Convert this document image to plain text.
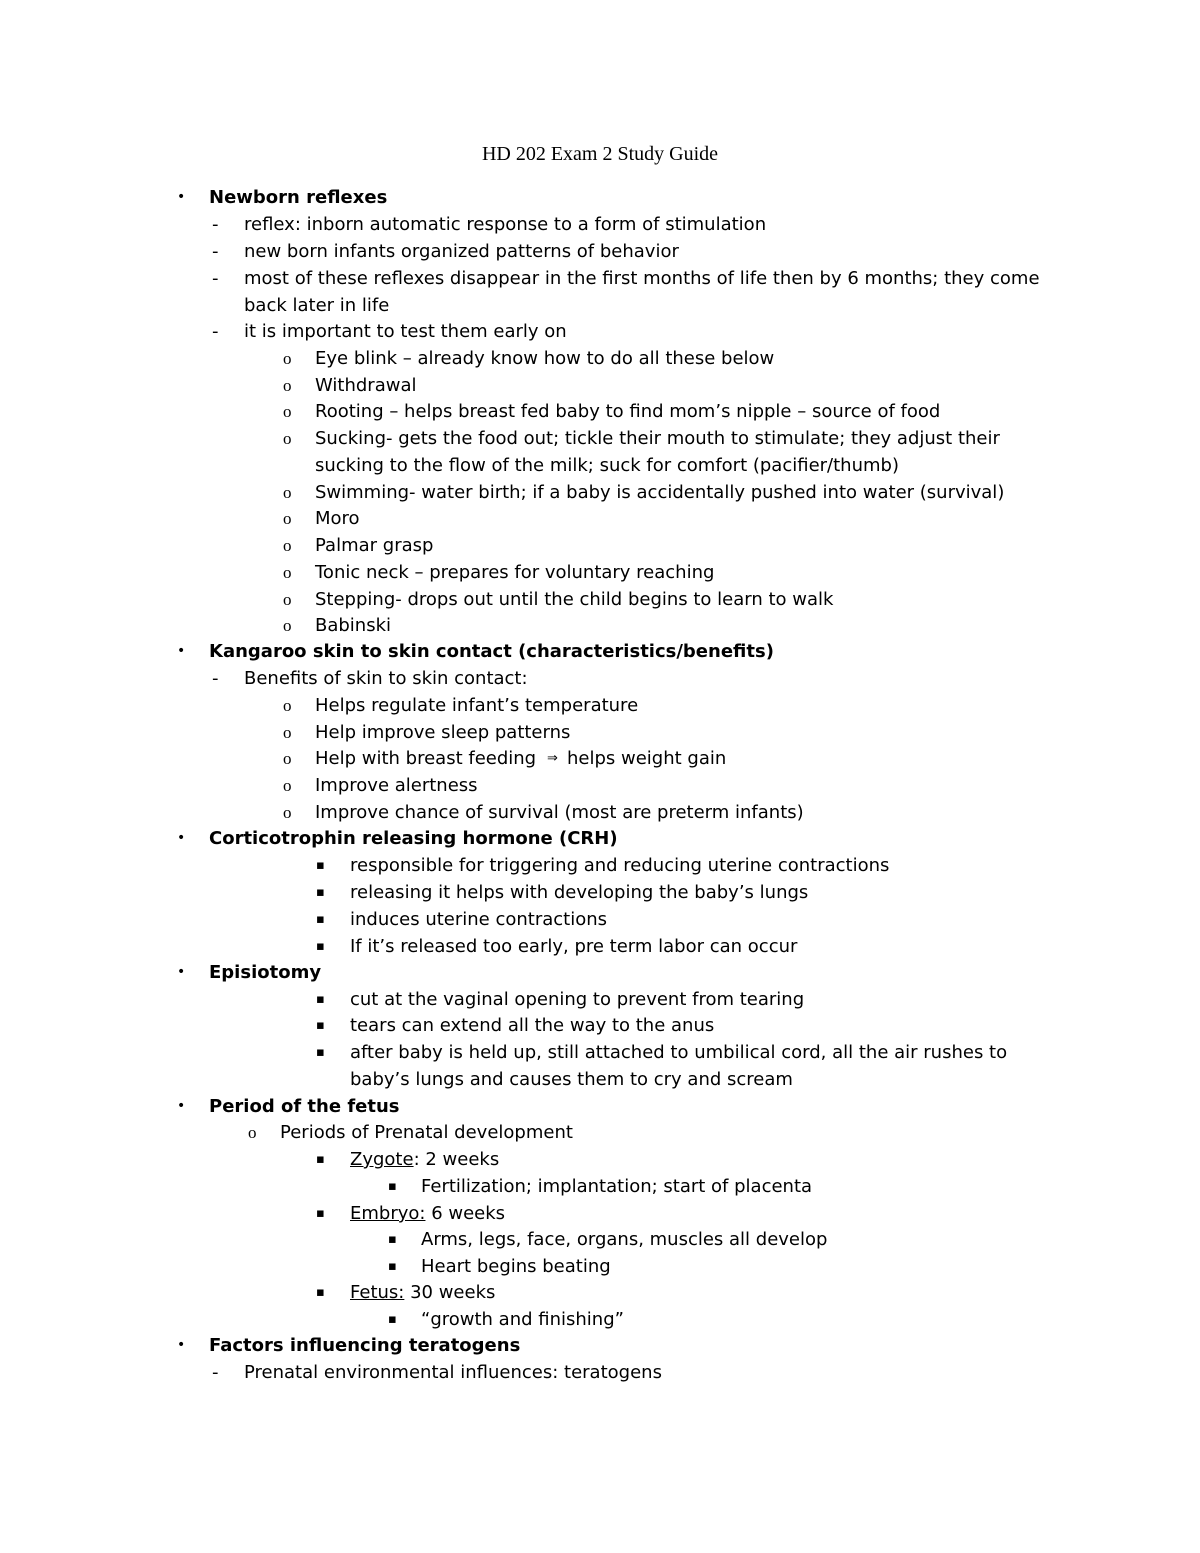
HD 202 Exam 2 Study Guide
• Newborn reflexes
- reflex: inborn automatic response to a form of stimulation
- new born infants organized patterns of behavior
- most of these reflexes disappear in the first months of life then by 6 months; they come
back later in life
- it is important to test them early on
o Eye blink – already know how to do all these below
o Withdrawal
o Rooting – helps breast fed baby to find mom’s nipple – source of food
o Sucking- gets the food out; tickle their mouth to stimulate; they adjust their
sucking to the flow of the milk; suck for comfort (pacifier/thumb)
o Swimming- water birth; if a baby is accidentally pushed into water (survival)
o Moro
o Palmar grasp
o Tonic neck – prepares for voluntary reaching
o Stepping- drops out until the child begins to learn to walk
o Babinski
• Kangaroo skin to skin contact (characteristics/benefits)
- Benefits of skin to skin contact:
o Helps regulate infant’s temperature
o Help improve sleep patterns
o Help with breast feeding ⇒ helps weight gain
o Improve alertness
o Improve chance of survival (most are preterm infants)
• Corticotrophin releasing hormone (CRH)
▪ responsible for triggering and reducing uterine contractions
▪ releasing it helps with developing the baby’s lungs
▪ induces uterine contractions
▪ If it’s released too early, pre term labor can occur
• Episiotomy
▪ cut at the vaginal opening to prevent from tearing
▪ tears can extend all the way to the anus
▪ after baby is held up, still attached to umbilical cord, all the air rushes to
baby’s lungs and causes them to cry and scream
• Period of the fetus
o Periods of Prenatal development
▪ Zygote: 2 weeks
▪ Fertilization; implantation; start of placenta
▪ Embryo: 6 weeks
▪ Arms, legs, face, organs, muscles all develop
▪ Heart begins beating
▪ Fetus: 30 weeks
▪ “growth and finishing”
• Factors influencing teratogens
- Prenatal environmental influences: teratogens
